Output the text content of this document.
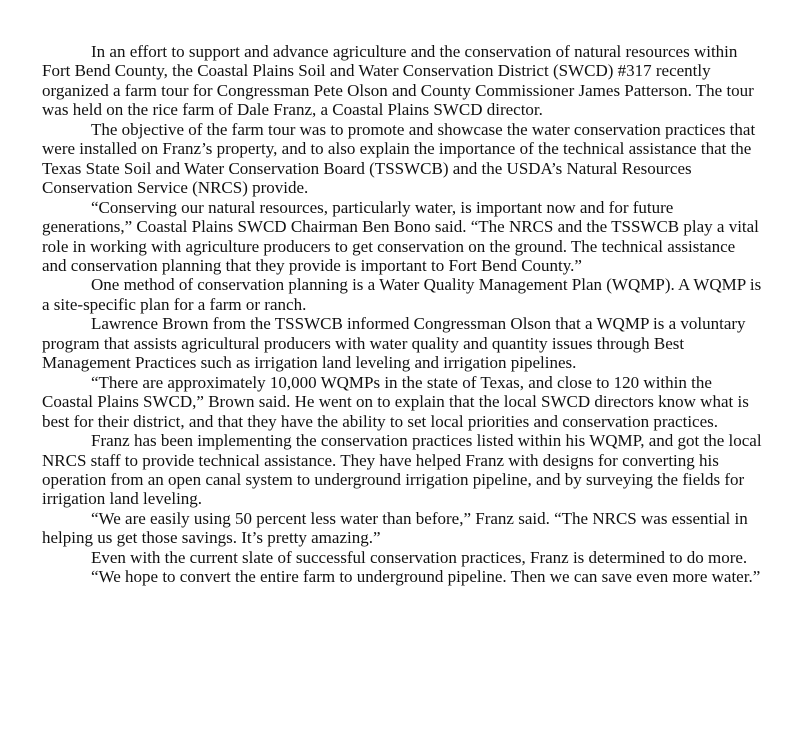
In an effort to support and advance agriculture and the conservation of natural resources within Fort Bend County, the Coastal Plains Soil and Water Conservation District (SWCD) #317 recently organized a farm tour for Congressman Pete Olson and County Commissioner James Patterson. The tour was held on the rice farm of Dale Franz, a Coastal Plains SWCD director.

The objective of the farm tour was to promote and showcase the water conservation practices that were installed on Franz’s property, and to also explain the importance of the technical assistance that the Texas State Soil and Water Conservation Board (TSSWCB) and the USDA’s Natural Resources Conservation Service (NRCS) provide.

“Conserving our natural resources, particularly water, is important now and for future generations,” Coastal Plains SWCD Chairman Ben Bono said. “The NRCS and the TSSWCB play a vital role in working with agriculture producers to get conservation on the ground. The technical assistance and conservation planning that they provide is important to Fort Bend County.”

One method of conservation planning is a Water Quality Management Plan (WQMP). A WQMP is a site-specific plan for a farm or ranch.

Lawrence Brown from the TSSWCB informed Congressman Olson that a WQMP is a voluntary program that assists agricultural producers with water quality and quantity issues through Best Management Practices such as irrigation land leveling and irrigation pipelines.

“There are approximately 10,000 WQMPs in the state of Texas, and close to 120 within the Coastal Plains SWCD,” Brown said. He went on to explain that the local SWCD directors know what is best for their district, and that they have the ability to set local priorities and conservation practices.

Franz has been implementing the conservation practices listed within his WQMP, and got the local NRCS staff to provide technical assistance. They have helped Franz with designs for converting his operation from an open canal system to underground irrigation pipeline, and by surveying the fields for irrigation land leveling.

“We are easily using 50 percent less water than before,” Franz said. “The NRCS was essential in helping us get those savings. It’s pretty amazing.”

Even with the current slate of successful conservation practices, Franz is determined to do more.

“We hope to convert the entire farm to underground pipeline. Then we can save even more water.”
